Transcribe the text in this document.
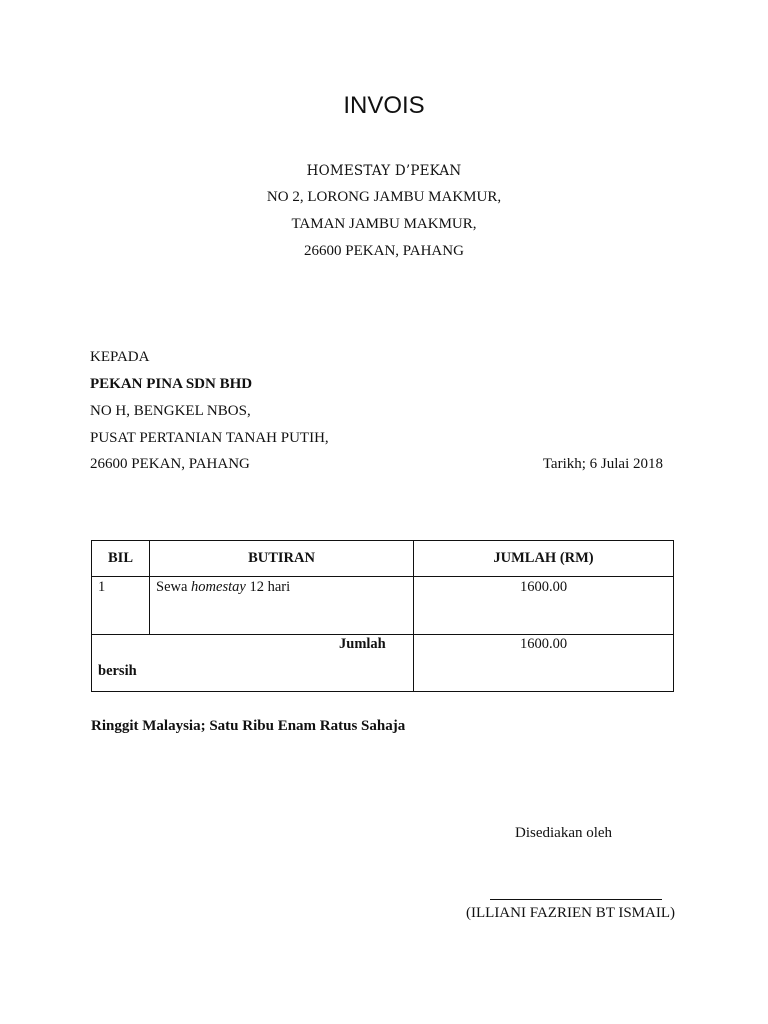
INVOIS
HOMESTAY D’PEKAN
NO 2, LORONG JAMBU MAKMUR,
TAMAN JAMBU MAKMUR,
26600 PEKAN, PAHANG
KEPADA
PEKAN PINA SDN BHD
NO H, BENGKEL NBOS,
PUSAT PERTANIAN TANAH PUTIH,
26600 PEKAN, PAHANG	Tarikh; 6 Julai 2018
BIL	BUTIRAN	JUMLAH (RM)

1	Sewa homestay 12 hari	1600.00

Jumlah
bersih		1600.00
Ringgit Malaysia; Satu Ribu Enam Ratus Sahaja
Disediakan oleh
(ILLIANI FAZRIEN BT ISMAIL)
